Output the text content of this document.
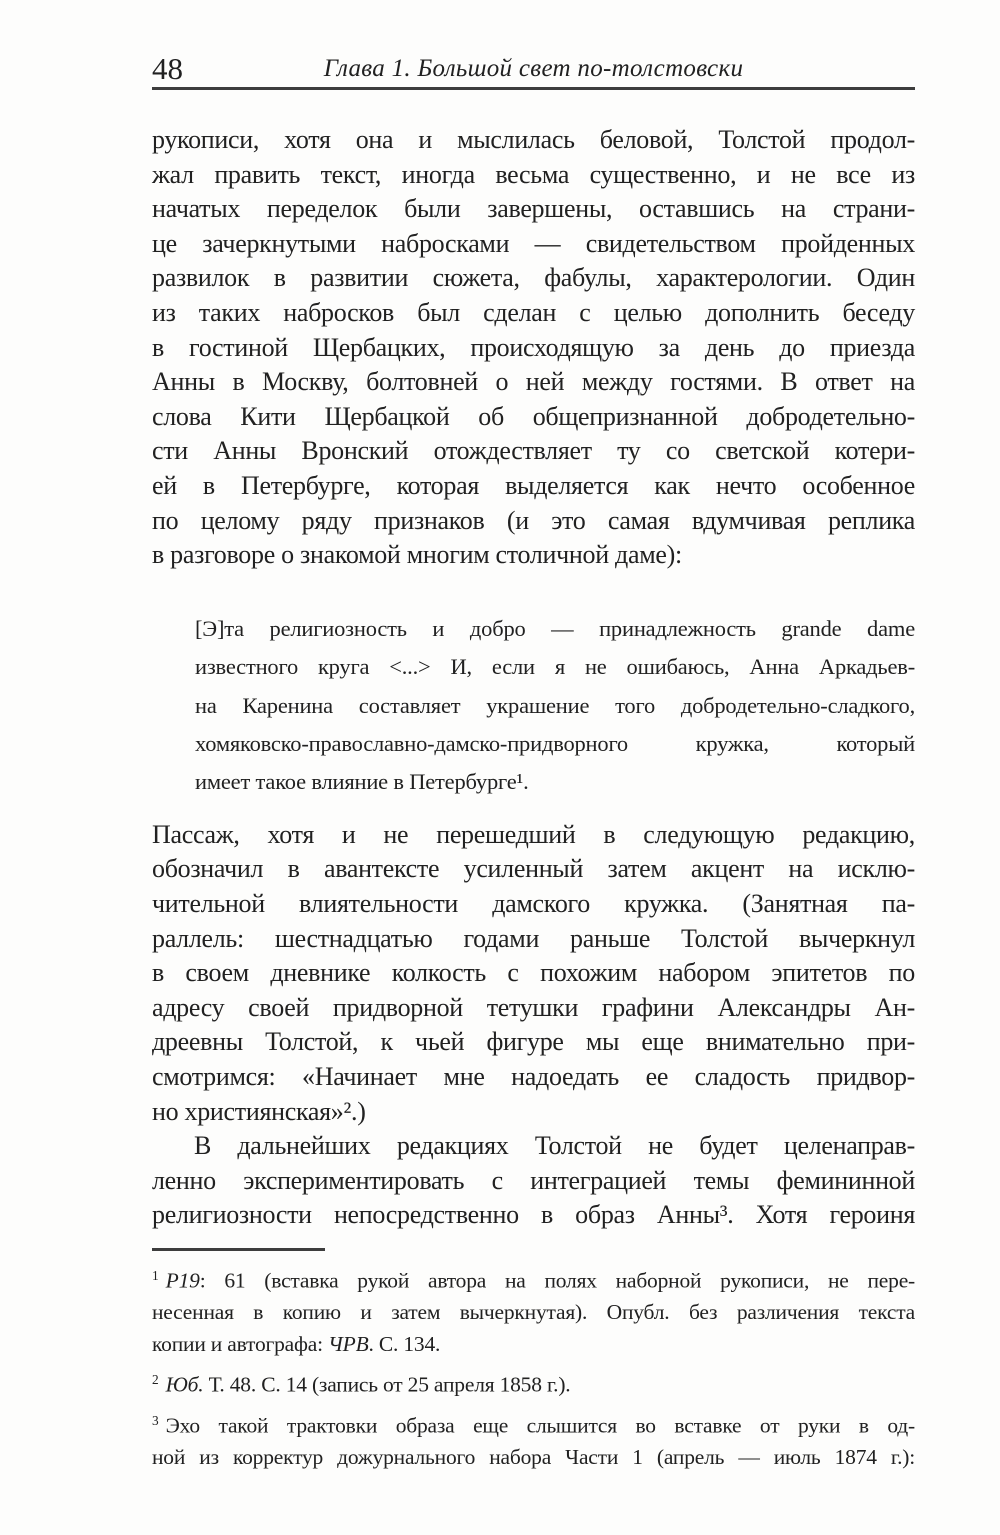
48	Глава 1. Большой свет по-толстовски
рукописи, хотя она и мыслилась беловой, Толстой продол-
жал править текст, иногда весьма существенно, и не все из
начатых переделок были завершены, оставшись на страни-
це зачеркнутыми набросками — свидетельством пройденных
развилок в развитии сюжета, фабулы, характерологии. Один
из таких набросков был сделан с целью дополнить беседу
в гостиной Щербацких, происходящую за день до приезда
Анны в Москву, болтовней о ней между гостями. В ответ на
слова Кити Щербацкой об общепризнанной добродетельно-
сти Анны Вронский отождествляет ту со светской котери-
ей в Петербурге, которая выделяется как нечто особенное
по целому ряду признаков (и это самая вдумчивая реплика
в разговоре о знакомой многим столичной даме):
[Э]та религиозность и добро — принадлежность grande dame
известного круга <...> И, если я не ошибаюсь, Анна Аркадьев-
на Каренина составляет украшение того добродетельно-сладкого,
хомяковско-православно-дамско-придворного кружка, который
имеет такое влияние в Петербурге¹.
Пассаж, хотя и не перешедший в следующую редакцию,
обозначил в авантексте усиленный затем акцент на исклю-
чительной влиятельности дамского кружка. (Занятная па-
раллель: шестнадцатью годами раньше Толстой вычеркнул
в своем дневнике колкость с похожим набором эпитетов по
адресу своей придворной тетушки графини Александры Ан-
дреевны Толстой, к чьей фигуре мы еще внимательно при-
смотримся: «Начинает мне надоедать ее сладость придвор-
но християнская»².)
В дальнейших редакциях Толстой не будет целенаправ-
ленно экспериментировать с интеграцией темы фемининной
религиозности непосредственно в образ Анны³. Хотя героиня
1 Р19: 61 (вставка рукой автора на полях наборной рукописи, не пере-
несенная в копию и затем вычеркнутая). Опубл. без различения текста
копии и автографа: ЧРВ. С. 134.
2 Юб. Т. 48. С. 14 (запись от 25 апреля 1858 г.).
3 Эхо такой трактовки образа еще слышится во вставке от руки в од-
ной из корректур дожурнального набора Части 1 (апрель — июль 1874 г.):
